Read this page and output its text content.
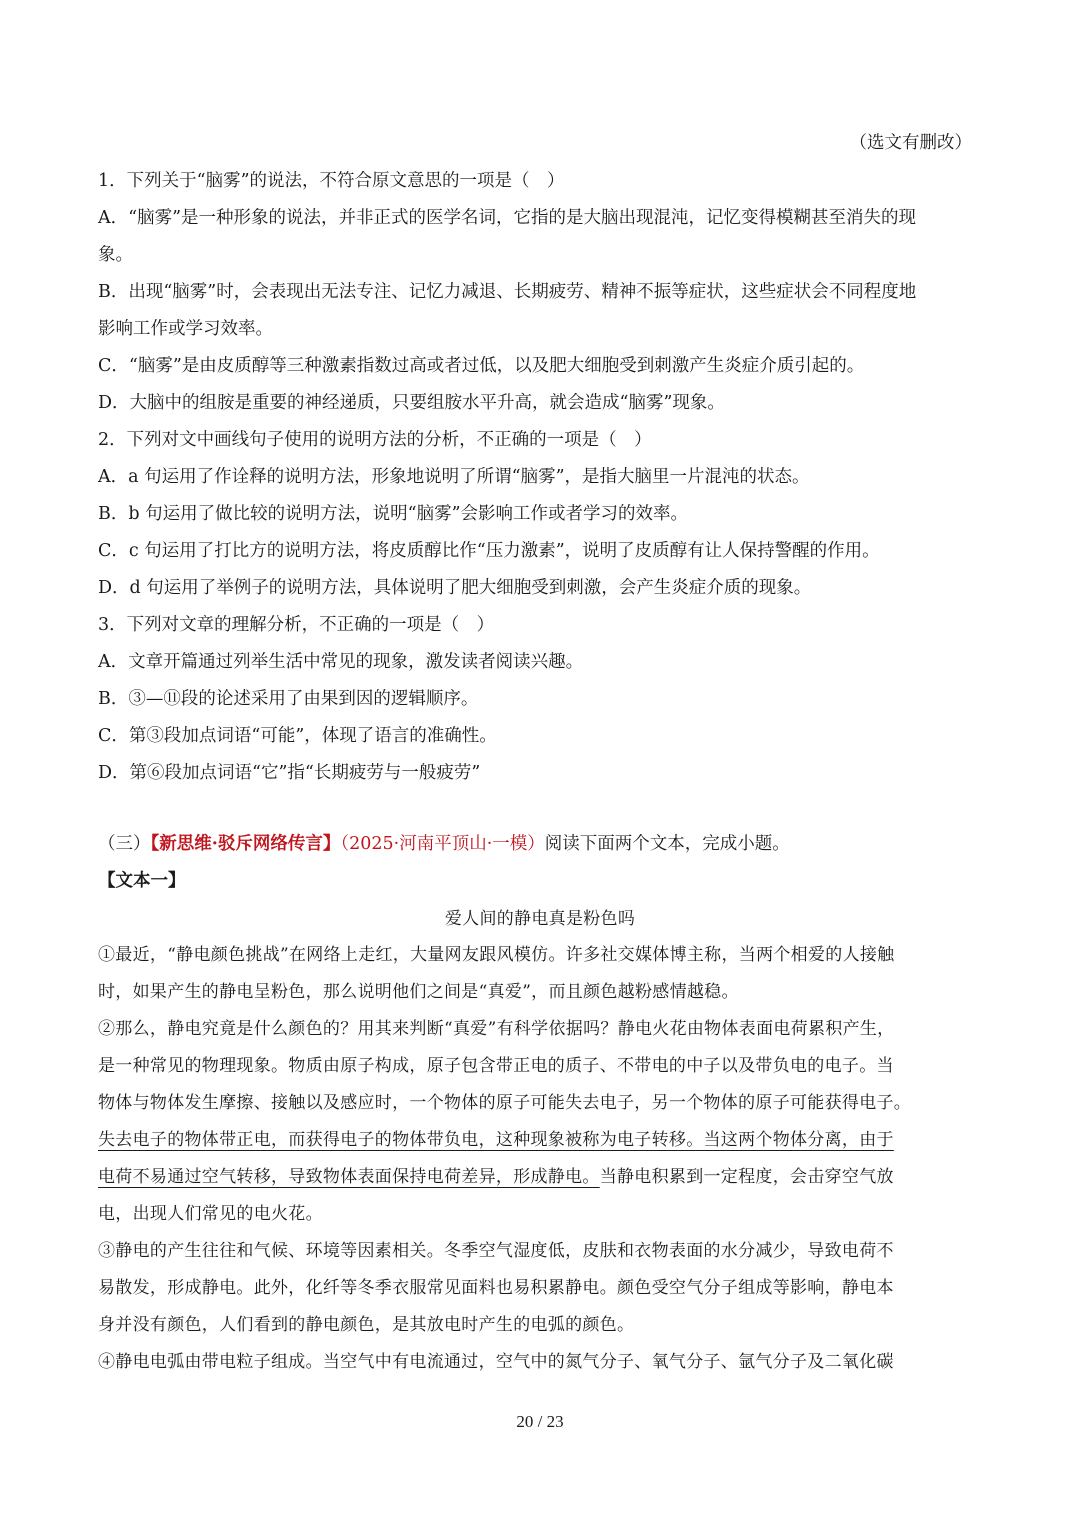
（选文有删改）
1．下列关于“脑雾”的说法，不符合原文意思的一项是（　）
A．“脑雾”是一种形象的说法，并非正式的医学名词，它指的是大脑出现混沌，记忆变得模糊甚至消失的现
象。
B．出现“脑雾”时，会表现出无法专注、记忆力减退、长期疲劳、精神不振等症状，这些症状会不同程度地
影响工作或学习效率。
C．“脑雾”是由皮质醇等三种激素指数过高或者过低，以及肥大细胞受到刺激产生炎症介质引起的。
D．大脑中的组胺是重要的神经递质，只要组胺水平升高，就会造成“脑雾”现象。
2．下列对文中画线句子使用的说明方法的分析，不正确的一项是（　）
A．a 句运用了作诠释的说明方法，形象地说明了所谓“脑雾”，是指大脑里一片混沌的状态。
B．b 句运用了做比较的说明方法，说明“脑雾”会影响工作或者学习的效率。
C．c 句运用了打比方的说明方法，将皮质醇比作“压力激素”，说明了皮质醇有让人保持警醒的作用。
D．d 句运用了举例子的说明方法，具体说明了肥大细胞受到刺激，会产生炎症介质的现象。
3．下列对文章的理解分析，不正确的一项是（　）
A．文章开篇通过列举生活中常见的现象，激发读者阅读兴趣。
B．③—⑪段的论述采用了由果到因的逻辑顺序。
C．第③段加点词语“可能”，体现了语言的准确性。
D．第⑥段加点词语“它”指“长期疲劳与一般疲劳”
（三）【新思维·驳斥网络传言】（2025·河南平顶山·一模）阅读下面两个文本，完成小题。
【文本一】
爱人间的静电真是粉色吗
①最近，“静电颜色挑战”在网络上走红，大量网友跟风模仿。许多社交媒体博主称，当两个相爱的人接触
时，如果产生的静电呈粉色，那么说明他们之间是“真爱”，而且颜色越粉感情越稳。
②那么，静电究竟是什么颜色的？用其来判断“真爱”有科学依据吗？静电火花由物体表面电荷累积产生，
是一种常见的物理现象。物质由原子构成，原子包含带正电的质子、不带电的中子以及带负电的电子。当
物体与物体发生摩擦、接触以及感应时，一个物体的原子可能失去电子，另一个物体的原子可能获得电子。
失去电子的物体带正电，而获得电子的物体带负电，这种现象被称为电子转移。当这两个物体分离，由于
电荷不易通过空气转移，导致物体表面保持电荷差异，形成静电。当静电积累到一定程度，会击穿空气放
电，出现人们常见的电火花。
③静电的产生往往和气候、环境等因素相关。冬季空气湿度低，皮肤和衣物表面的水分减少，导致电荷不
易散发，形成静电。此外，化纤等冬季衣服常见面料也易积累静电。颜色受空气分子组成等影响，静电本
身并没有颜色，人们看到的静电颜色，是其放电时产生的电弧的颜色。
④静电电弧由带电粒子组成。当空气中有电流通过，空气中的氮气分子、氧气分子、氩气分子及二氧化碳
20 / 23
